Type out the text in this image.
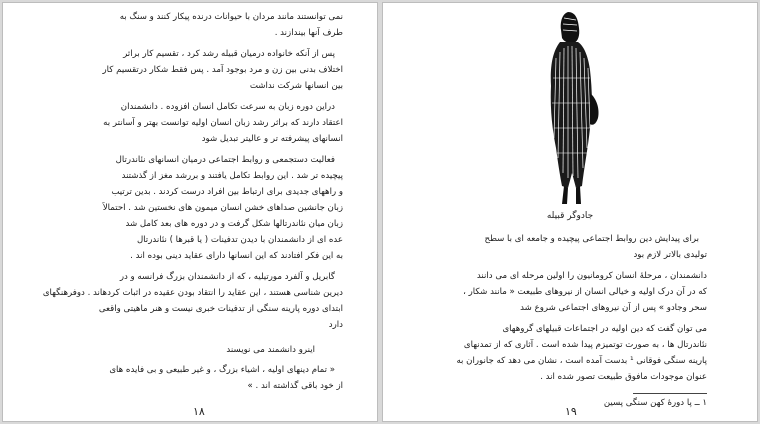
نمی توانستند مانند مردان با حیوانات درنده پیکار کنند و سنگ به
طرف آنها بیندازند .
پس از آنکه خانواده درمیان قبیله رشد کرد ، تقسیم کار براثر
اختلاف بدنی بین زن و مرد بوجود آمد . پس فقط شکار درتقسیم کار
بین انسانها شرکت نداشت
دراین دوره زبان به سرعت تکامل انسان افزوده . دانشمندان
اعتقاد دارند که براثر رشد زبان انسان اولیه توانست بهتر و آسانتر به
انسانهای پیشرفته تر و عالیتر تبدیل شود
فعالیت دستجمعی و روابط اجتماعی درمیان انسانهای نئاندرتال
پیچیده تر شد . این روابط تکامل یافتند و بررشد مغز از گذشتند
و راههای جدیدی برای ارتباط بین افراد درست کردند . بدین ترتیب
زبان جانشین صداهای خشن انسان میمون های نخستین شد . احتمالاً
زبان میان نئاندرتالها شکل گرفت و در دوره های بعد کامل شد
عده ای از دانشمندان با دیدن تدفینات ( یا قبرها ) نئاندرتال
به این فکر افتادند که این انسانها دارای عقاید دینی بوده اند .
گابریل و آلفرد مورتیلیه ، که از دانشمندان بزرگ فرانسه و در
دیرین شناسی هستند ، این عقاید را انتقاد بودن عقیده در اثبات کردهاند . دوفرهنگهای
ابتدای دوره پارینه سنگی از تدفینات خبری نیست و هنر ماهیتی واقعی
دارد
اینرو دانشمند می نویسند
« تمام دینهای اولیه ، اشیاء بزرگ ، و غیر طبیعی و بی فایده های
از خود باقی گذاشته اند . »
۱۸
جادوگر قبیله
برای پیدایش دین روابط اجتماعی پیچیده و جامعه ای با سطح
تولیدی بالاتر لازم بود
دانشمندان ، مرحلهٔ انسان کرومانیون را اولین مرحله ای می دانند
که در آن درک اولیه و خیالی انسان از نیروهای طبیعت « مانند شکار ،
سحر وجادو » پس از آن نیروهای اجتماعی شروع شد
می توان گفت که دین اولیه در اجتماعات قبیلهای گروههای
نئاندرتال ها ، به صورت توتمیزم پیدا شده است . آثاری که از تمدنهای
پارینه سنگی فوقانی ¹ بدست آمده است ، نشان می دهد که جانوران به
عنوان موجودات مافوق طبیعت تصور شده اند .
۱ ــ پا دورهٔ کهن سنگی پسین
۱۹
